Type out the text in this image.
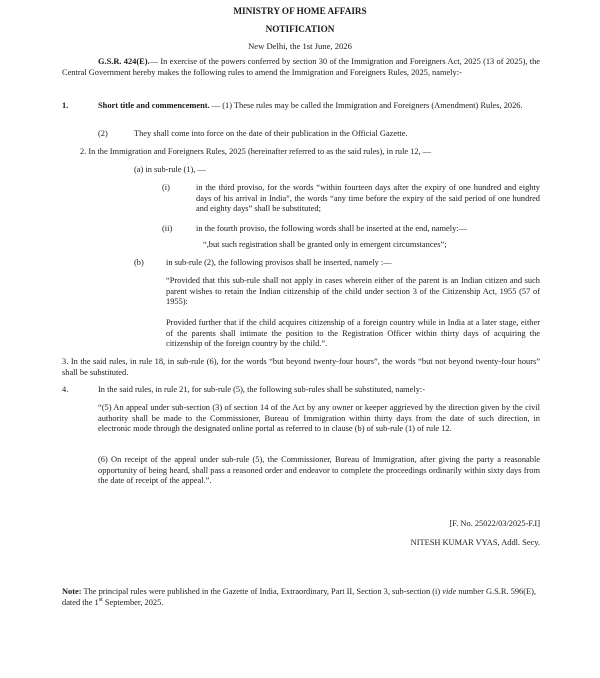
MINISTRY OF HOME AFFAIRS

NOTIFICATION

New Delhi, the 1st June, 2026

G.S.R. 424(E).— In exercise of the powers conferred by section 30 of the Immigration and Foreigners Act, 2025 (13 of 2025), the Central Government hereby makes the following rules to amend the Immigration and Foreigners Rules, 2025, namely:-

1.	Short title and commencement. — (1) These rules may be called the Immigration and Foreigners (Amendment) Rules, 2026.

(2)	They shall come into force on the date of their publication in the Official Gazette.

2. In the Immigration and Foreigners Rules, 2025 (hereinafter referred to as the said rules), in rule 12, —

(a) in sub-rule (1), —

(i)	in the third proviso, for the words “within fourteen days after the expiry of one hundred and eighty days of his arrival in India”, the words “any time before the expiry of the said period of one hundred and eighty days” shall be substituted;

(ii)	in the fourth proviso, the following words shall be inserted at the end, namely:—

“,but such registration shall be granted only in emergent circumstances”;

(b)	in sub-rule (2), the following provisos shall be inserted, namely :—

“Provided that this sub-rule shall not apply in cases wherein either of the parent is an Indian citizen and such parent wishes to retain the Indian citizenship of the child under section 3 of the Citizenship Act, 1955 (57 of 1955):

Provided further that if the child acquires citizenship of a foreign country while in India at a later stage, either of the parents shall intimate the position to the Registration Officer within thirty days of acquiring the citizenship of the foreign country by the child.”.

3. In the said rules, in rule 18, in sub-rule (6), for the words “but beyond twenty-four hours”, the words “but not beyond twenty-four hours” shall be substituted.

4.	In the said rules, in rule 21, for sub-rule (5), the following sub-rules shall be substituted, namely:-

“(5) An appeal under sub-section (3) of section 14 of the Act by any owner or keeper aggrieved by the direction given by the civil authority shall be made to the Commissioner, Bureau of Immigration within thirty days from the date of such direction, in electronic mode through the designated online portal as referred to in clause (b) of sub-rule (1) of rule 12.

(6) On receipt of the appeal under sub-rule (5), the Commissioner, Bureau of Immigration, after giving the party a reasonable opportunity of being heard, shall pass a reasoned order and endeavor to complete the proceedings ordinarily within sixty days from the date of receipt of the appeal.”.

[F. No. 25022/03/2025-F.I]

NITESH KUMAR VYAS, Addl. Secy.

Note: The principal rules were published in the Gazette of India, Extraordinary, Part II, Section 3, sub-section (i) vide number G.S.R. 596(E), dated the 1st September, 2025.
